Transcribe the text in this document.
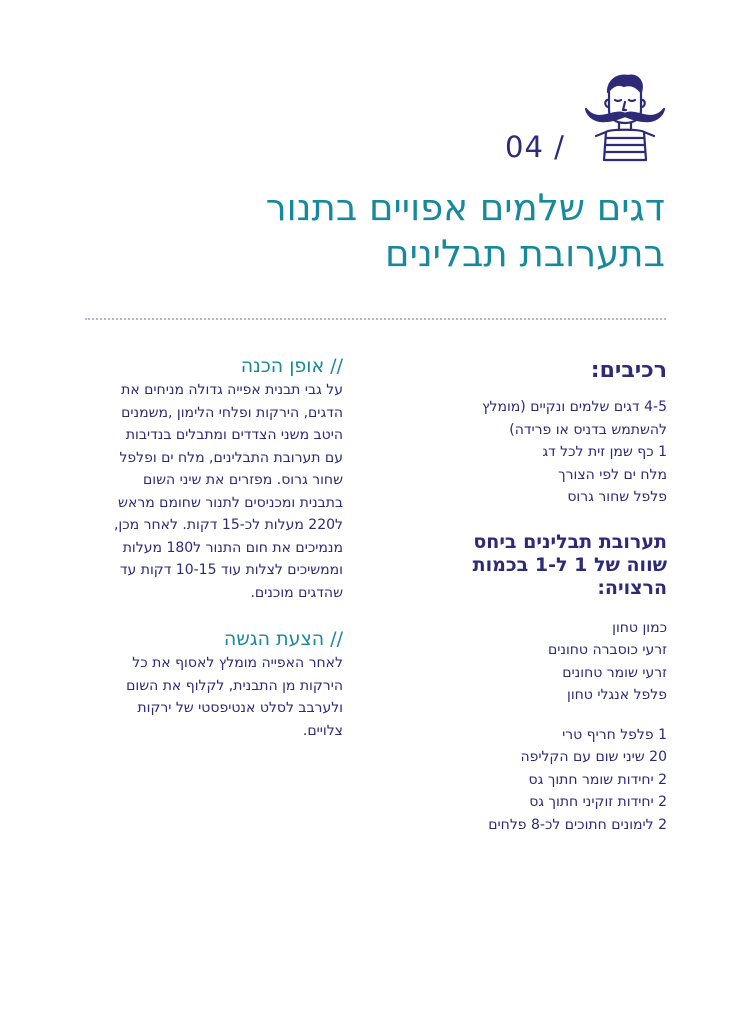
04 /
דגים שלמים אפויים בתנור
בתערובת תבלינים
רכיבים:
4-5 דגים שלמים ונקיים (מומלץ
להשתמש בדניס או פרידה)
1 כף שמן זית לכל דג
מלח ים לפי הצורך
פלפל שחור גרוס
תערובת תבלינים ביחס
שווה של 1 ל-1 בכמות
הרצויה:
כמון טחון
זרעי כוסברה טחונים
זרעי שומר טחונים
פלפל אנגלי טחון
1 פלפל חריף טרי
20 שיני שום עם הקליפה
2 יחידות שומר חתוך גס
2 יחידות זוקיני חתוך גס
2 לימונים חתוכים לכ-8 פלחים
// אופן הכנה
על גבי תבנית אפייה גדולה מניחים את
הדגים, הירקות ופלחי הלימון ,משמנים
היטב משני הצדדים ומתבלים בנדיבות
עם תערובת התבלינים, מלח ים ופלפל
שחור גרוס. מפזרים את שיני השום
בתבנית ומכניסים לתנור שחומם מראש
ל220 מעלות לכ-15 דקות. לאחר מכן,
מנמיכים את חום התנור ל180 מעלות
וממשיכים לצלות עוד 10-15 דקות עד
שהדגים מוכנים.
// הצעת הגשה
לאחר האפייה מומלץ לאסוף את כל
הירקות מן התבנית, לקלוף את השום
ולערבב לסלט אנטיפסטי של ירקות
צלויים.
